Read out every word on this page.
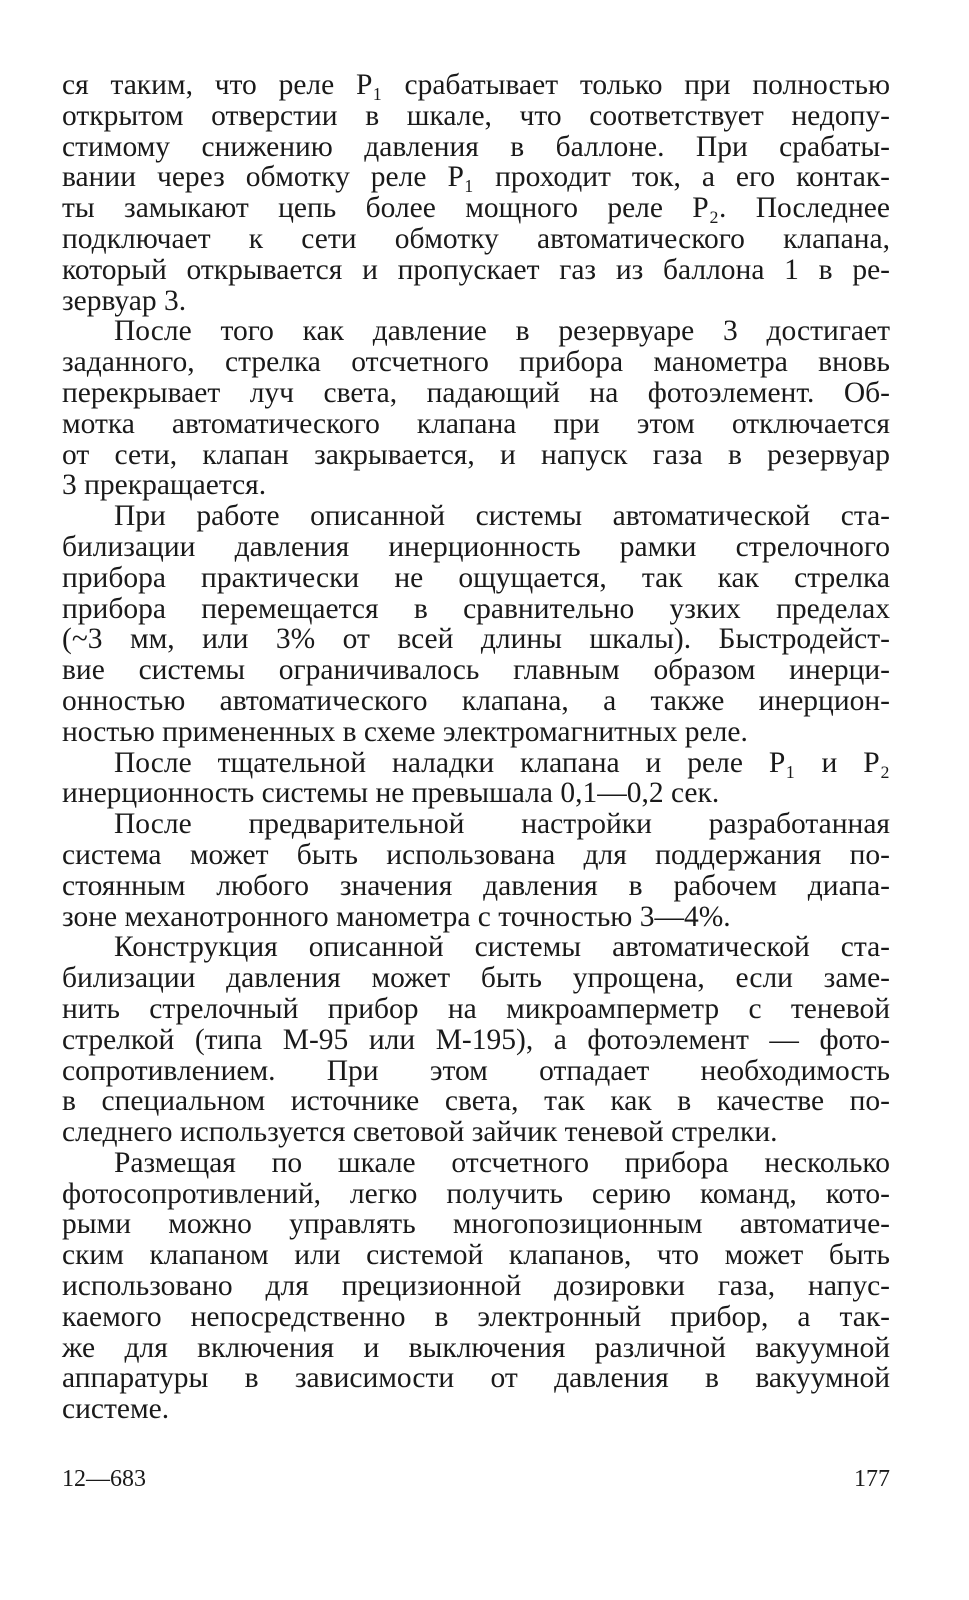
ся таким, что реле P₁ срабатывает только при полностью
открытом отверстии в шкале, что соответствует недопу-
стимому снижению давления в баллоне. При срабаты-
вании через обмотку реле P₁ проходит ток, а его контак-
ты замыкают цепь более мощного реле P₂. Последнее
подключает к сети обмотку автоматического клапана,
который открывается и пропускает газ из баллона 1 в ре-
зервуар 3.

После того как давление в резервуаре 3 достигает
заданного, стрелка отсчетного прибора манометра вновь
перекрывает луч света, падающий на фотоэлемент. Об-
мотка автоматического клапана при этом отключается
от сети, клапан закрывается, и напуск газа в резервуар
3 прекращается.

При работе описанной системы автоматической ста-
билизации давления инерционность рамки стрелочного
прибора практически не ощущается, так как стрелка
прибора перемещается в сравнительно узких пределах
(~3 мм, или 3% от всей длины шкалы). Быстродейст-
вие системы ограничивалось главным образом инерци-
онностью автоматического клапана, а также инерцион-
ностью примененных в схеме электромагнитных реле.

После тщательной наладки клапана и реле P₁ и P₂
инерционность системы не превышала 0,1—0,2 сек.

После предварительной настройки разработанная
система может быть использована для поддержания по-
стоянным любого значения давления в рабочем диапа-
зоне механотронного манометра с точностью 3—4%.

Конструкция описанной системы автоматической ста-
билизации давления может быть упрощена, если заме-
нить стрелочный прибор на микроамперметр с теневой
стрелкой (типа М-95 или М-195), а фотоэлемент — фото-
сопротивлением. При этом отпадает необходимость
в специальном источнике света, так как в качестве по-
следнего используется световой зайчик теневой стрелки.

Размещая по шкале отсчетного прибора несколько
фотосопротивлений, легко получить серию команд, кото-
рыми можно управлять многопозиционным автоматиче-
ским клапаном или системой клапанов, что может быть
использовано для прецизионной дозировки газа, напус-
каемого непосредственно в электронный прибор, а так-
же для включения и выключения различной вакуумной
аппаратуры в зависимости от давления в вакуумной
системе.

12—683	177
